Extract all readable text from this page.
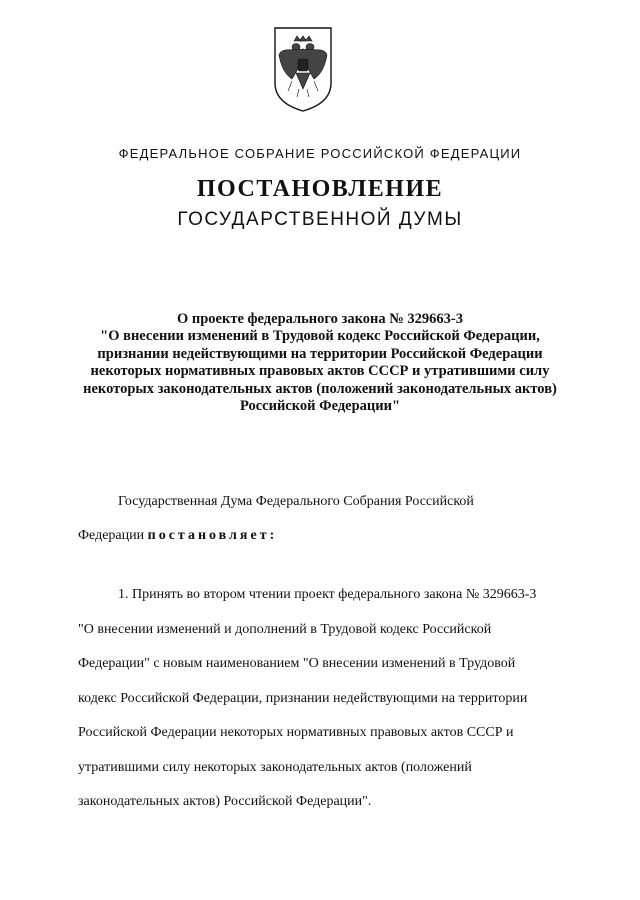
ФЕДЕРАЛЬНОЕ СОБРАНИЕ РОССИЙСКОЙ ФЕДЕРАЦИИ
ПОСТАНОВЛЕНИЕ
ГОСУДАРСТВЕННОЙ ДУМЫ
О проекте федерального закона № 329663-3
"О внесении изменений в Трудовой кодекс Российской Федерации,
признании недействующими на территории Российской Федерации
некоторых нормативных правовых актов СССР и утратившими силу
некоторых законодательных актов (положений законодательных актов)
Российской Федерации"
Государственная Дума Федерального Собрания Российской
Федерации постановляет:
1. Принять во втором чтении проект федерального закона № 329663-3
"О внесении изменений и дополнений в Трудовой кодекс Российской
Федерации" с новым наименованием "О внесении изменений в Трудовой
кодекс Российской Федерации, признании недействующими на территории
Российской Федерации некоторых нормативных правовых актов СССР и
утратившими силу некоторых законодательных актов (положений
законодательных актов) Российской Федерации".
